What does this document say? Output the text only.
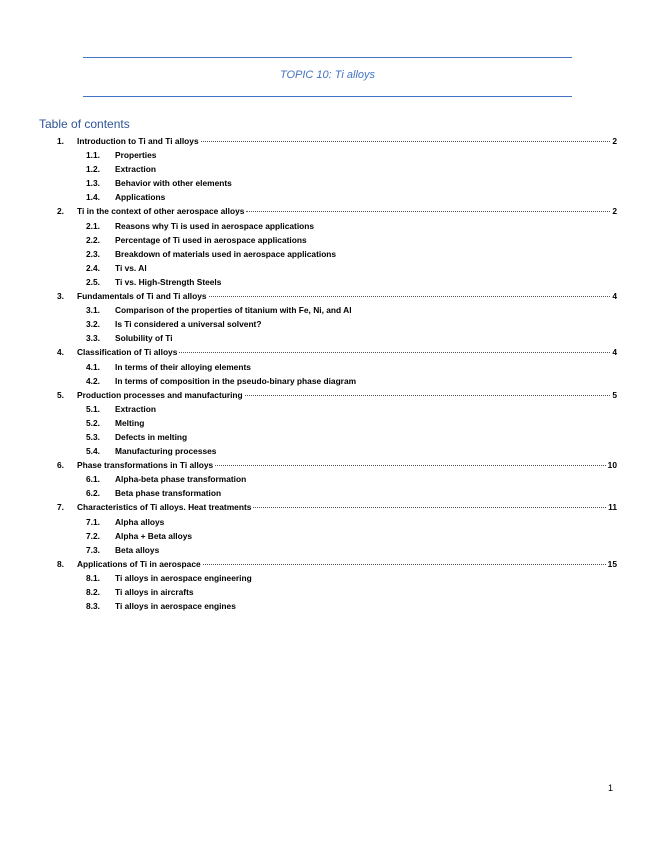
TOPIC 10: Ti alloys
Table of contents
1.	Introduction to Ti and Ti alloys	2
1.1.	Properties
1.2.	Extraction
1.3.	Behavior with other elements
1.4.	Applications
2.	Ti in the context of other aerospace alloys	2
2.1.	Reasons why Ti is used in aerospace applications
2.2.	Percentage of Ti used in aerospace applications
2.3.	Breakdown of materials used in aerospace applications
2.4.	Ti vs. Al
2.5.	Ti vs. High-Strength Steels
3.	Fundamentals of Ti and Ti alloys	4
3.1.	Comparison of the properties of titanium with Fe, Ni, and Al
3.2.	Is Ti considered a universal solvent?
3.3.	Solubility of Ti
4.	Classification of Ti alloys	4
4.1.	In terms of their alloying elements
4.2.	In terms of composition in the pseudo-binary phase diagram
5.	Production processes and manufacturing	5
5.1.	Extraction
5.2.	Melting
5.3.	Defects in melting
5.4.	Manufacturing processes
6.	Phase transformations in Ti alloys	10
6.1.	Alpha-beta phase transformation
6.2.	Beta phase transformation
7.	Characteristics of Ti alloys. Heat treatments	11
7.1.	Alpha alloys
7.2.	Alpha + Beta alloys
7.3.	Beta alloys
8.	Applications of Ti in aerospace	15
8.1.	Ti alloys in aerospace engineering
8.2.	Ti alloys in aircrafts
8.3.	Ti alloys in aerospace engines
1
